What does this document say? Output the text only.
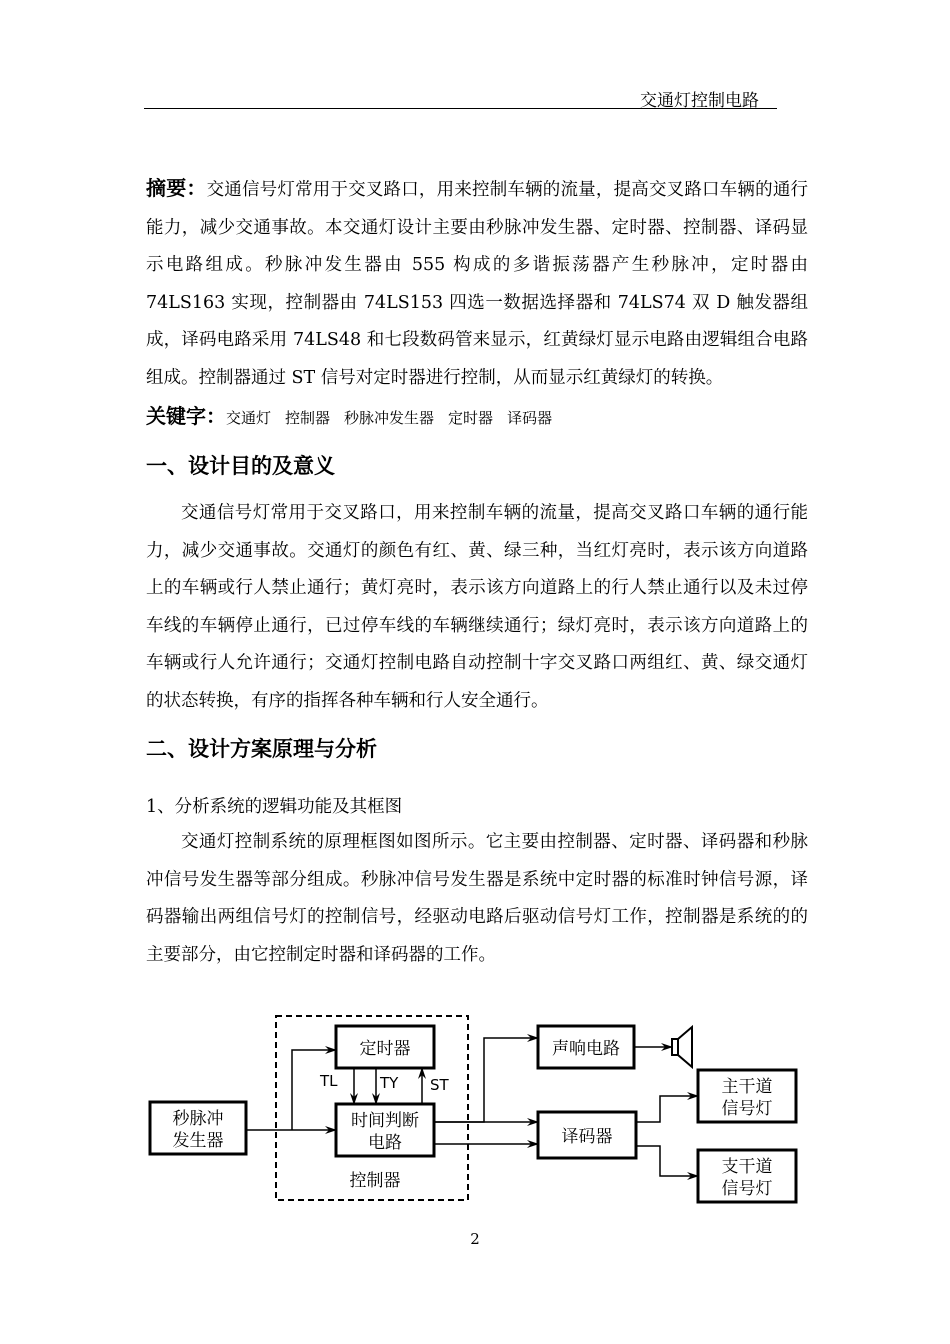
交通灯控制电路

摘要：交通信号灯常用于交叉路口，用来控制车辆的流量，提高交叉路口车辆的通行能力，减少交通事故。本交通灯设计主要由秒脉冲发生器、定时器、控制器、译码显示电路组成。秒脉冲发生器由 555 构成的多谐振荡器产生秒脉冲，定时器由 74LS163 实现，控制器由 74LS153 四选一数据选择器和 74LS74 双 D 触发器组成，译码电路采用 74LS48 和七段数码管来显示，红黄绿灯显示电路由逻辑组合电路组成。控制器通过 ST 信号对定时器进行控制，从而显示红黄绿灯的转换。

关键字：交通灯 控制器 秒脉冲发生器 定时器 译码器

一、设计目的及意义

交通信号灯常用于交叉路口，用来控制车辆的流量，提高交叉路口车辆的通行能力，减少交通事故。交通灯的颜色有红、黄、绿三种，当红灯亮时，表示该方向道路上的车辆或行人禁止通行；黄灯亮时，表示该方向道路上的行人禁止通行以及未过停车线的车辆停止通行，已过停车线的车辆继续通行；绿灯亮时，表示该方向道路上的车辆或行人允许通行；交通灯控制电路自动控制十字交叉路口两组红、黄、绿交通灯的状态转换，有序的指挥各种车辆和行人安全通行。

二、设计方案原理与分析

1、分析系统的逻辑功能及其框图

交通灯控制系统的原理框图如图所示。它主要由控制器、定时器、译码器和秒脉冲信号发生器等部分组成。秒脉冲信号发生器是系统中定时器的标准时钟信号源，译码器输出两组信号灯的控制信号，经驱动电路后驱动信号灯工作，控制器是系统的的主要部分，由它控制定时器和译码器的工作。

秒脉冲
发生器
定时器
时间判断
电路
控制器
声响电路
译码器
主干道
信号灯
支干道
信号灯
TL	TY ST
2
